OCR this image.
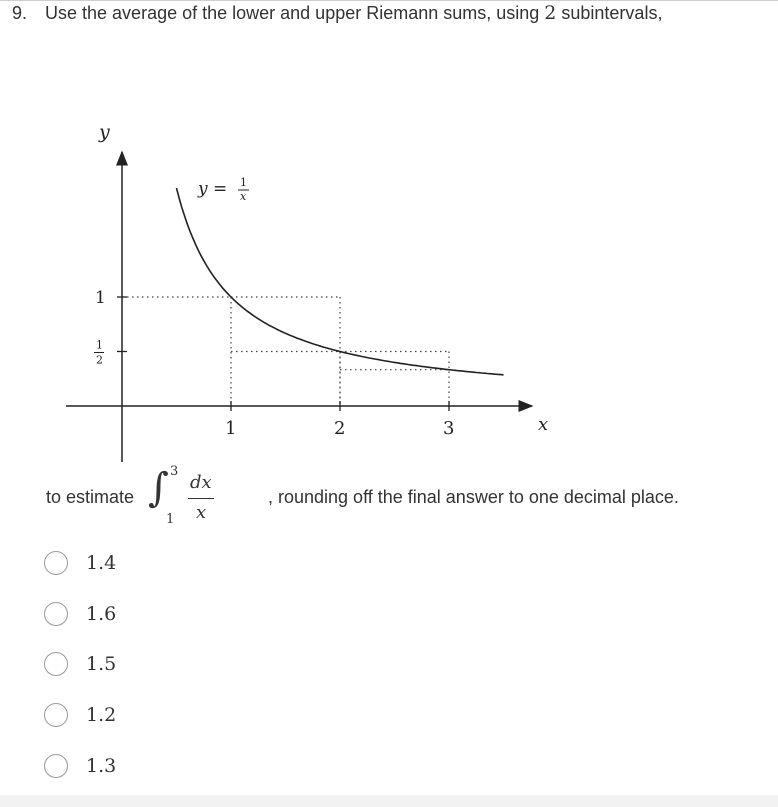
9. Use the average of the lower and upper Riemann sums, using 2 subintervals,
y
x
1	2	3
1
1
2
y = 1
x
to estimate ∫ 3
1
dx
x
, rounding off the final answer to one decimal place.
1.4
1.6
1.5
1.2
1.3
